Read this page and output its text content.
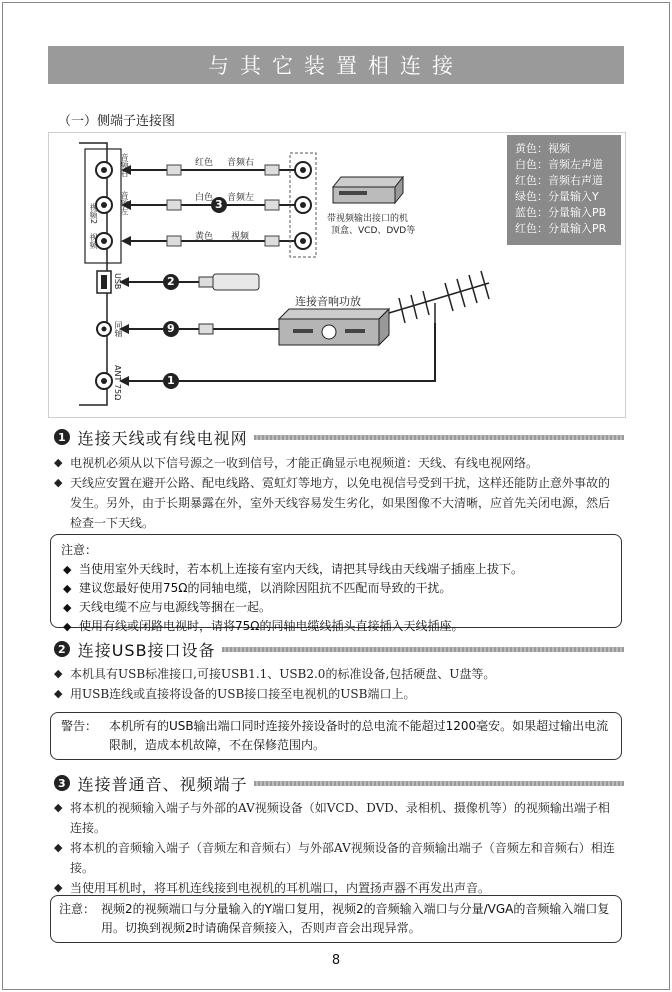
与其它装置相连接
（一）侧端子连接图
3
2
9
1
红色 音频右
白色 音频左
黄色 视频
音频右
音频左
视频2
视频
USB
同轴
ANT 75Ω
带视频输出接口的机
顶盒、VCD、DVD等
连接音响功放
黄色：视频
白色：音频左声道
红色：音频右声道
绿色：分量输入Y
蓝色：分量输入PB
红色：分量输入PR
1 连接天线或有线电视网
◆ 电视机必须从以下信号源之一收到信号，才能正确显示电视频道：天线、有线电视网络。
◆ 天线应安置在避开公路、配电线路、霓虹灯等地方，以免电视信号受到干扰，这样还能防止意外事故的发生。另外，由于长期暴露在外，室外天线容易发生劣化，如果图像不大清晰，应首先关闭电源，然后检查一下天线。
注意：
◆ 当使用室外天线时，若本机上连接有室内天线，请把其导线由天线端子插座上拔下。
◆ 建议您最好使用75Ω的同轴电缆，以消除因阻抗不匹配而导致的干扰。
◆ 天线电缆不应与电源线等捆在一起。
◆ 使用有线或闭路电视时，请将75Ω的同轴电缆线插头直接插入天线插座。
2 连接USB接口设备
◆ 本机具有USB标准接口,可接USB1.1、USB2.0的标准设备,包括硬盘、U盘等。
◆ 用USB连线或直接将设备的USB接口接至电视机的USB端口上。
警告： 本机所有的USB输出端口同时连接外接设备时的总电流不能超过1200毫安。如果超过输出电流限制，造成本机故障，不在保修范围内。
3 连接普通音、视频端子
◆ 将本机的视频输入端子与外部的AV视频设备（如VCD、DVD、录相机、摄像机等）的视频输出端子相连接。
◆ 将本机的音频输入端子（音频左和音频右）与外部AV视频设备的音频输出端子（音频左和音频右）相连接。
◆ 当使用耳机时，将耳机连线接到电视机的耳机端口，内置扬声器不再发出声音。
注意： 视频2的视频端口与分量输入的Y端口复用，视频2的音频输入端口与分量/VGA的音频输入端口复用。切换到视频2时请确保音频接入，否则声音会出现异常。
8
